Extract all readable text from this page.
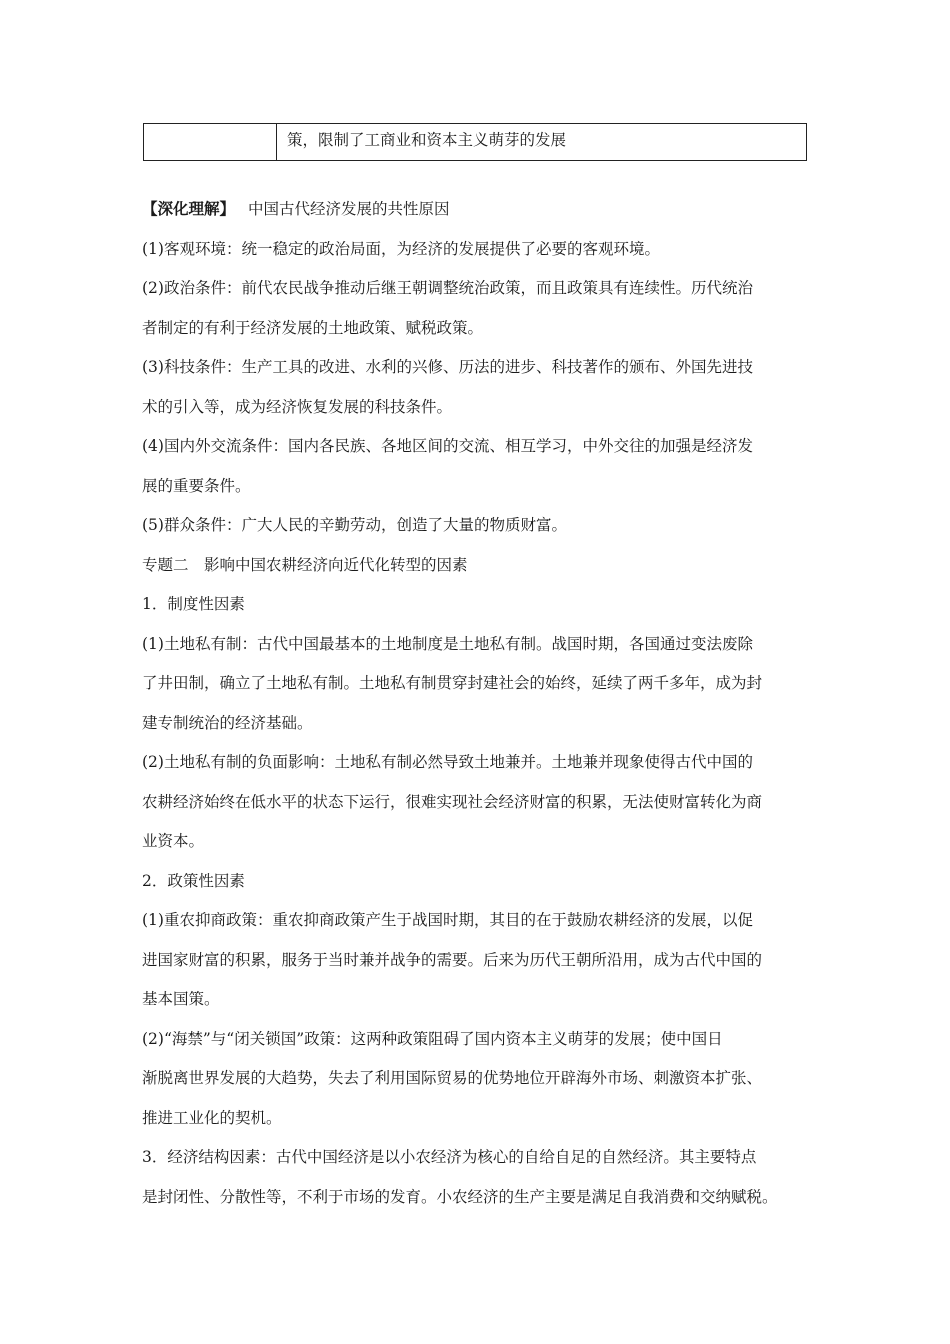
策，限制了工商业和资本主义萌芽的发展
【深化理解】 中国古代经济发展的共性原因
(1)客观环境：统一稳定的政治局面，为经济的发展提供了必要的客观环境。
(2)政治条件：前代农民战争推动后继王朝调整统治政策，而且政策具有连续性。历代统治
者制定的有利于经济发展的土地政策、赋税政策。
(3)科技条件：生产工具的改进、水利的兴修、历法的进步、科技著作的颁布、外国先进技
术的引入等，成为经济恢复发展的科技条件。
(4)国内外交流条件：国内各民族、各地区间的交流、相互学习，中外交往的加强是经济发
展的重要条件。
(5)群众条件：广大人民的辛勤劳动，创造了大量的物质财富。
专题二　影响中国农耕经济向近代化转型的因素
1．制度性因素
(1)土地私有制：古代中国最基本的土地制度是土地私有制。战国时期，各国通过变法废除
了井田制，确立了土地私有制。土地私有制贯穿封建社会的始终，延续了两千多年，成为封
建专制统治的经济基础。
(2)土地私有制的负面影响：土地私有制必然导致土地兼并。土地兼并现象使得古代中国的
农耕经济始终在低水平的状态下运行，很难实现社会经济财富的积累，无法使财富转化为商
业资本。
2．政策性因素
(1)重农抑商政策：重农抑商政策产生于战国时期，其目的在于鼓励农耕经济的发展，以促
进国家财富的积累，服务于当时兼并战争的需要。后来为历代王朝所沿用，成为古代中国的
基本国策。
(2)“海禁”与“闭关锁国”政策：这两种政策阻碍了国内资本主义萌芽的发展；使中国日
渐脱离世界发展的大趋势，失去了利用国际贸易的优势地位开辟海外市场、刺激资本扩张、
推进工业化的契机。
3．经济结构因素：古代中国经济是以小农经济为核心的自给自足的自然经济。其主要特点
是封闭性、分散性等，不利于市场的发育。小农经济的生产主要是满足自我消费和交纳赋税。
